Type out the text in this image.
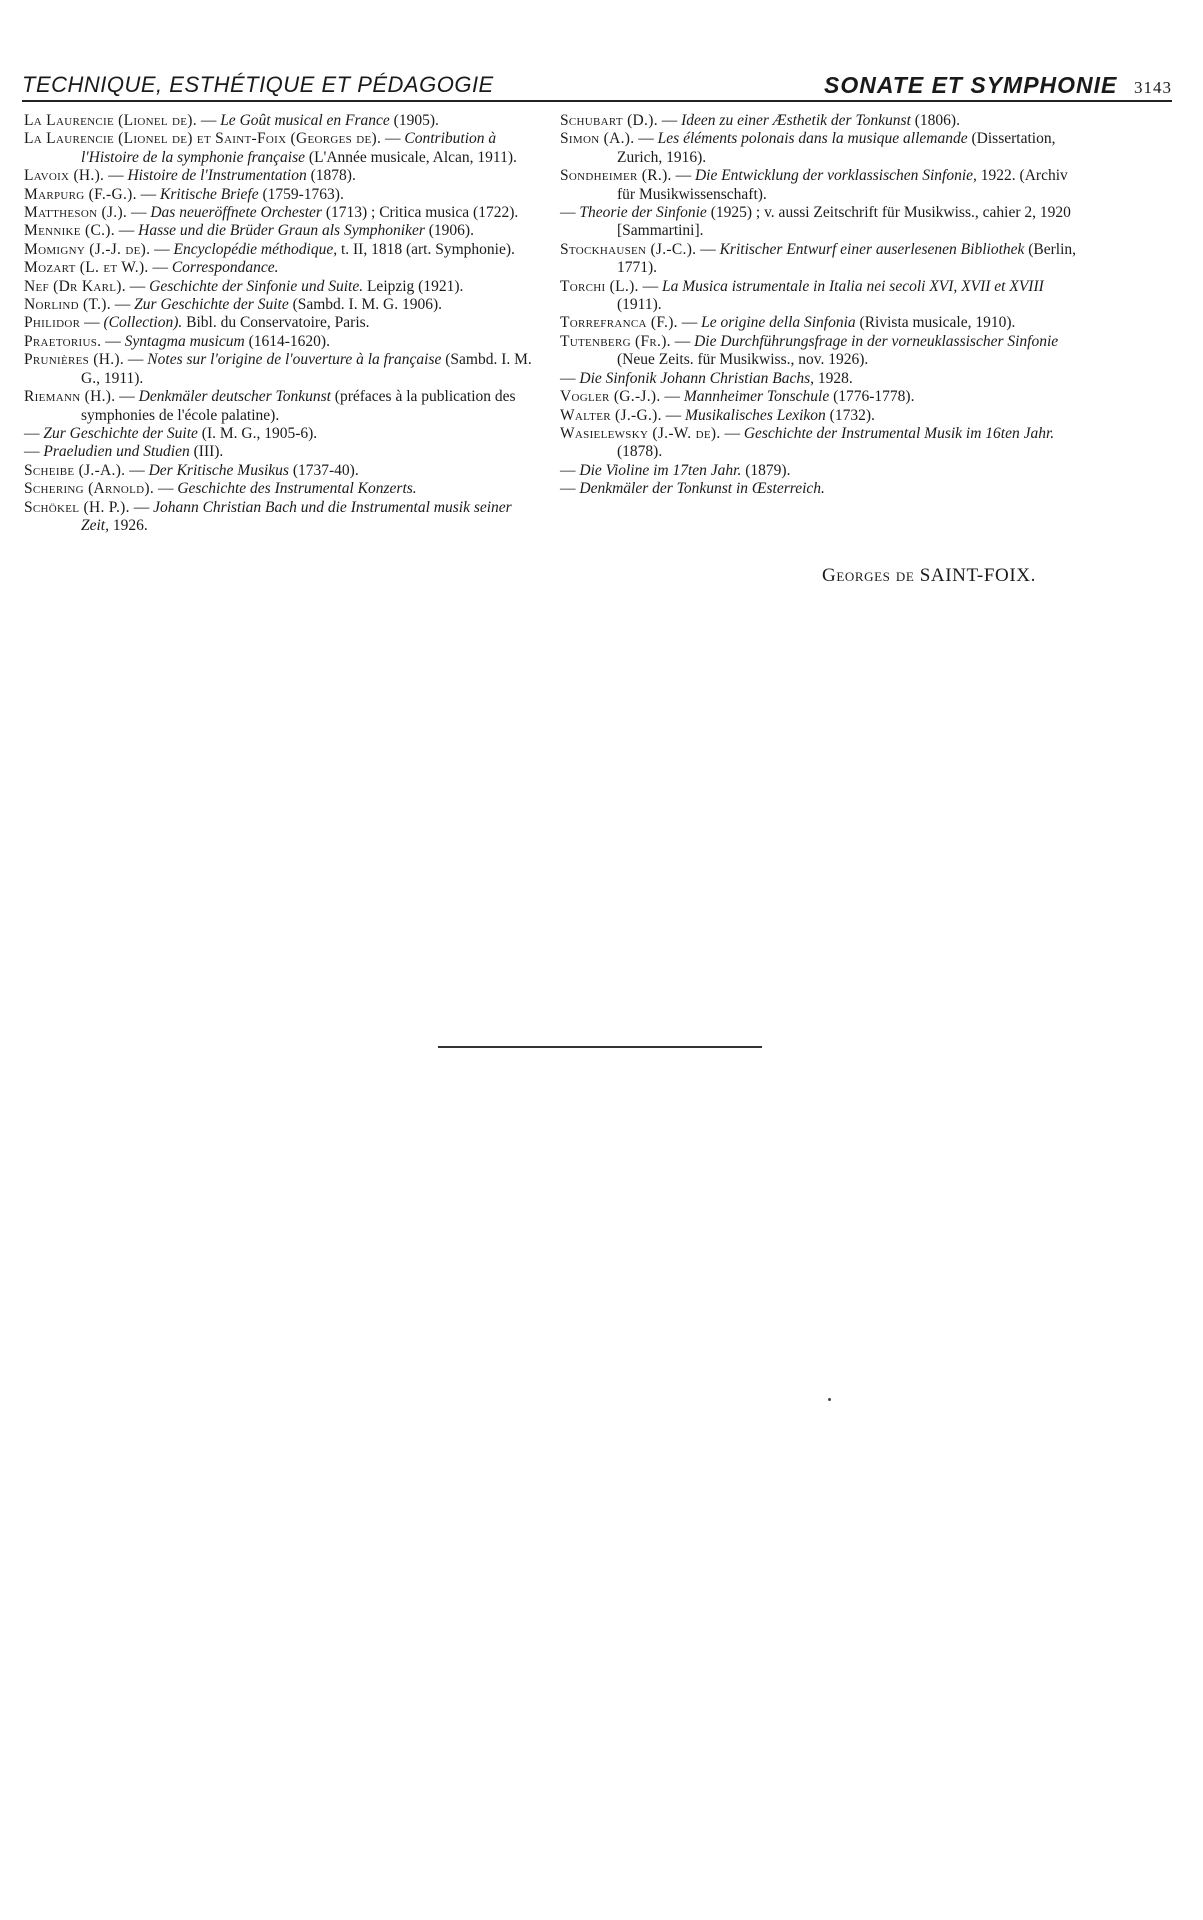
TECHNIQUE, ESTHÉTIQUE ET PÉDAGOGIE	SONATE ET SYMPHONIE 3143

La Laurencie (Lionel de). — Le Goût musical en France (1905).

La Laurencie (Lionel de) et Saint-Foix (Georges de). — Contribution à l'Histoire de la symphonie française (L'Année musicale, Alcan, 1911).

Lavoix (H.). — Histoire de l'Instrumentation (1878).

Marpurg (F.-G.). — Kritische Briefe (1759-1763).

Mattheson (J.). — Das neueröffnete Orchester (1713) ; Critica musica (1722).

Mennike (C.). — Hasse und die Brüder Graun als Symphoniker (1906).

Momigny (J.-J. de). — Encyclopédie méthodique, t. II, 1818 (art. Symphonie).

Mozart (L. et W.). — Correspondance.

Nef (Dr Karl). — Geschichte der Sinfonie und Suite. Leipzig (1921).

Norlind (T.). — Zur Geschichte der Suite (Sambd. I. M. G. 1906).

Philidor — (Collection). Bibl. du Conservatoire, Paris.

Praetorius. — Syntagma musicum (1614-1620).

Prunières (H.). — Notes sur l'origine de l'ouverture à la française (Sambd. I. M. G., 1911).

Riemann (H.). — Denkmäler deutscher Tonkunst (préfaces à la publication des symphonies de l'école palatine).

— Zur Geschichte der Suite (I. M. G., 1905-6).

— Praeludien und Studien (III).

Scheibe (J.-A.). — Der Kritische Musikus (1737-40).

Schering (Arnold). — Geschichte des Instrumental Konzerts.

Schökel (H. P.). — Johann Christian Bach und die Instrumental musik seiner Zeit, 1926.

Schubart (D.). — Ideen zu einer Æsthetik der Tonkunst (1806).

Simon (A.). — Les éléments polonais dans la musique allemande (Dissertation, Zurich, 1916).

Sondheimer (R.). — Die Entwicklung der vorklassischen Sinfonie, 1922. (Archiv für Musikwissenschaft).

— Theorie der Sinfonie (1925) ; v. aussi Zeitschrift für Musikwiss., cahier 2, 1920 [Sammartini].

Stockhausen (J.-C.). — Kritischer Entwurf einer auserlesenen Bibliothek (Berlin, 1771).

Torchi (L.). — La Musica istrumentale in Italia nei secoli XVI, XVII et XVIII (1911).

Torrefranca (F.). — Le origine della Sinfonia (Rivista musicale, 1910).

Tutenberg (Fr.). — Die Durchführungsfrage in der vorneuklassischer Sinfonie (Neue Zeits. für Musikwiss., nov. 1926).

— Die Sinfonik Johann Christian Bachs, 1928.

Vogler (G.-J.). — Mannheimer Tonschule (1776-1778).

Walter (J.-G.). — Musikalisches Lexikon (1732).

Wasielewsky (J.-W. de). — Geschichte der Instrumental Musik im 16ten Jahr. (1878).

— Die Violine im 17ten Jahr. (1879).

— Denkmäler der Tonkunst in Œsterreich.

Georges de SAINT-FOIX.
